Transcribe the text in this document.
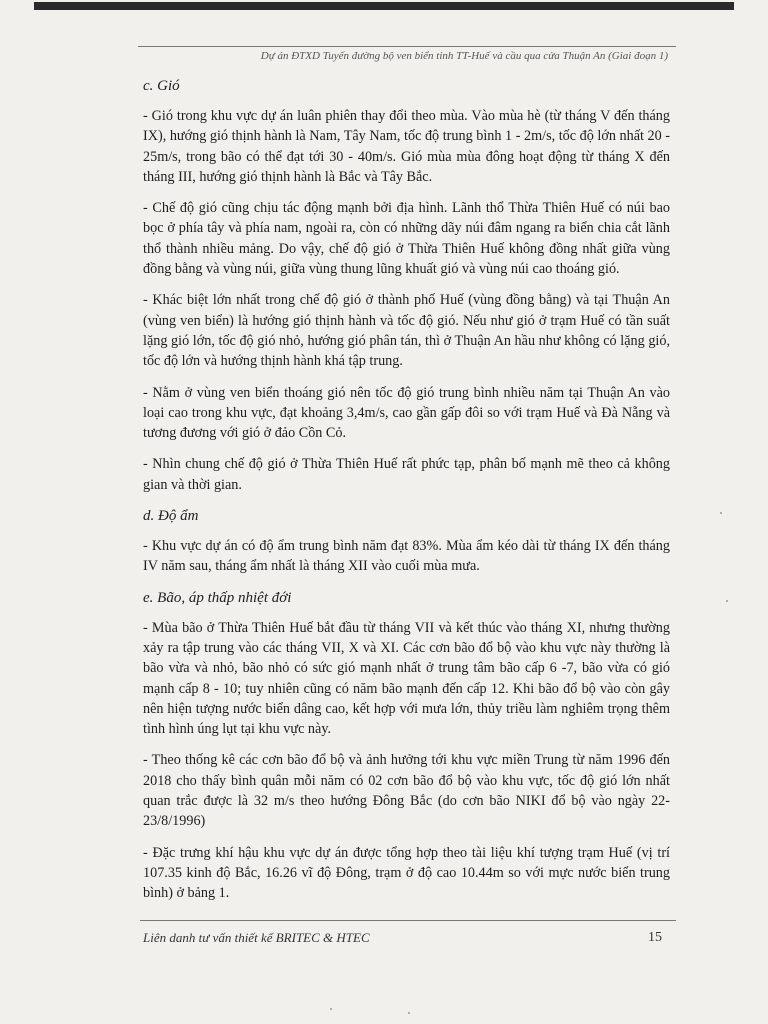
Dự án ĐTXD Tuyến đường bộ ven biển tỉnh TT-Huế và cầu qua cửa Thuận An (Giai đoạn 1)
c. Gió

- Gió trong khu vực dự án luân phiên thay đổi theo mùa. Vào mùa hè (từ tháng V đến tháng IX), hướng gió thịnh hành là Nam, Tây Nam, tốc độ trung bình 1 - 2m/s, tốc độ lớn nhất 20 - 25m/s, trong bão có thể đạt tới 30 - 40m/s. Gió mùa mùa đông hoạt động từ tháng X đến tháng III, hướng gió thịnh hành là Bắc và Tây Bắc.

- Chế độ gió cũng chịu tác động mạnh bởi địa hình. Lãnh thổ Thừa Thiên Huế có núi bao bọc ở phía tây và phía nam, ngoài ra, còn có những dãy núi đâm ngang ra biển chia cắt lãnh thổ thành nhiều mảng. Do vậy, chế độ gió ở Thừa Thiên Huế không đồng nhất giữa vùng đồng bằng và vùng núi, giữa vùng thung lũng khuất gió và vùng núi cao thoáng gió.

- Khác biệt lớn nhất trong chế độ gió ở thành phố Huế (vùng đồng bằng) và tại Thuận An (vùng ven biển) là hướng gió thịnh hành và tốc độ gió. Nếu như gió ở trạm Huế có tần suất lặng gió lớn, tốc độ gió nhỏ, hướng gió phân tán, thì ở Thuận An hầu như không có lặng gió, tốc độ lớn và hướng thịnh hành khá tập trung.

- Nằm ở vùng ven biển thoáng gió nên tốc độ gió trung bình nhiều năm tại Thuận An vào loại cao trong khu vực, đạt khoảng 3,4m/s, cao gần gấp đôi so với trạm Huế và Đà Nẵng và tương đương với gió ở đảo Cồn Cỏ.

- Nhìn chung chế độ gió ở Thừa Thiên Huế rất phức tạp, phân bố mạnh mẽ theo cả không gian và thời gian.

d. Độ ẩm

- Khu vực dự án có độ ẩm trung bình năm đạt 83%. Mùa ẩm kéo dài từ tháng IX đến tháng IV năm sau, tháng ẩm nhất là tháng XII vào cuối mùa mưa.

e. Bão, áp thấp nhiệt đới

- Mùa bão ở Thừa Thiên Huế bắt đầu từ tháng VII và kết thúc vào tháng XI, nhưng thường xảy ra tập trung vào các tháng VII, X và XI. Các cơn bão đổ bộ vào khu vực này thường là bão vừa và nhỏ, bão nhỏ có sức gió mạnh nhất ở trung tâm bão cấp 6 -7, bão vừa có gió mạnh cấp 8 - 10; tuy nhiên cũng có năm bão mạnh đến cấp 12. Khi bão đổ bộ vào còn gây nên hiện tượng nước biển dâng cao, kết hợp với mưa lớn, thủy triều làm nghiêm trọng thêm tình hình úng lụt tại khu vực này.

- Theo thống kê các cơn bão đổ bộ và ảnh hưởng tới khu vực miền Trung từ năm 1996 đến 2018 cho thấy bình quân mỗi năm có 02 cơn bão đổ bộ vào khu vực, tốc độ gió lớn nhất quan trắc được là 32 m/s theo hướng Đông Bắc (do cơn bão NIKI đổ bộ vào ngày 22-23/8/1996)

- Đặc trưng khí hậu khu vực dự án được tổng hợp theo tài liệu khí tượng trạm Huế (vị trí 107.35 kinh độ Bắc, 16.26 vĩ độ Đông, trạm ở độ cao 10.44m so với mực nước biển trung bình) ở bảng 1.

Liên danh tư vấn thiết kế BRITEC & HTEC	15
